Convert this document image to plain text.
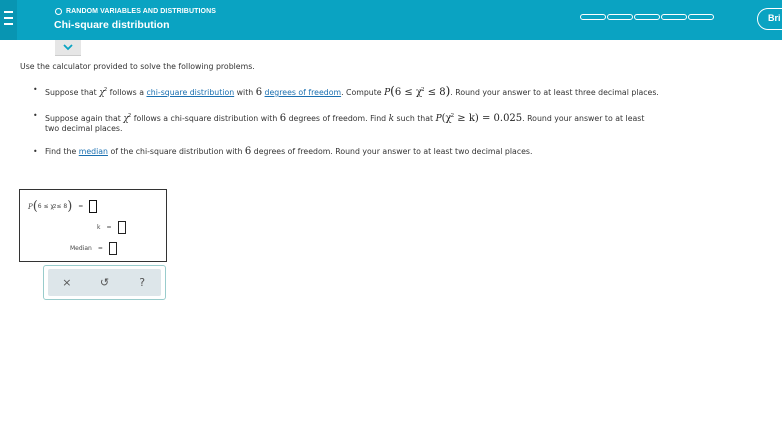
RANDOM VARIABLES AND DISTRIBUTIONS
Chi-square distribution
Bri
Use the calculator provided to solve the following problems.
• Suppose that $\chi^2$ follows a chi-square distribution with 6 degrees of freedom. Compute $P(6 \le \chi^2 \le 8)$. Round your answer to at least three decimal places.
• Suppose again that $\chi^2$ follows a chi-square distribution with 6 degrees of freedom. Find k such that $P(\chi^2 \ge k) = 0.025$. Round your answer to at least
two decimal places.
• Find the median of the chi-square distribution with 6 degrees of freedom. Round your answer to at least two decimal places.
P ( 6 ≤ χ 2 ≤ 8 ) =
k =
Median =
×	↺	?
